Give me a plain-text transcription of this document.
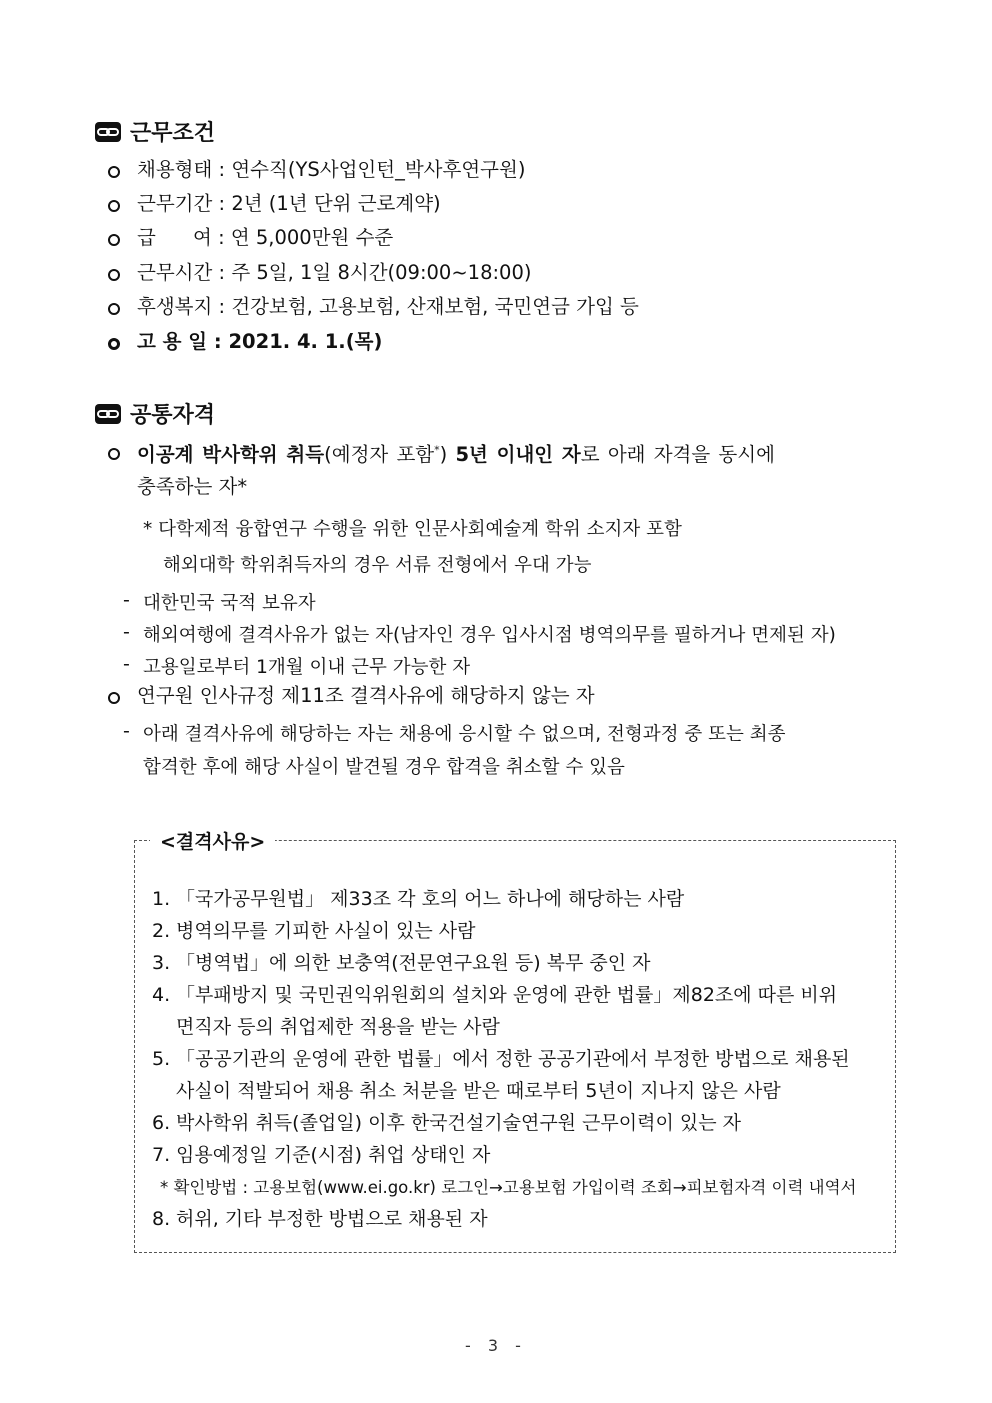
근무조건
채용형태 : 연수직(YS사업인턴_박사후연구원)
근무기간 : 2년 (1년 단위 근로계약)
급      여 : 연 5,000만원 수준
근무시간 : 주 5일, 1일 8시간(09:00~18:00)
후생복지 : 건강보험, 고용보험, 산재보험, 국민연금 가입 등
고 용 일 : 2021. 4. 1.(목)
공통자격
이공계 박사학위 취득(예정자 포함*) 5년 이내인 자로 아래 자격을 동시에
충족하는 자*
* 다학제적 융합연구 수행을 위한 인문사회예술계 학위 소지자 포함
해외대학 학위취득자의 경우 서류 전형에서 우대 가능
- 대한민국 국적 보유자
- 해외여행에 결격사유가 없는 자(남자인 경우 입사시점 병역의무를 필하거나 면제된 자)
- 고용일로부터 1개월 이내 근무 가능한 자
연구원 인사규정 제11조 결격사유에 해당하지 않는 자
- 아래 결격사유에 해당하는 자는 채용에 응시할 수 없으며, 전형과정 중 또는 최종
합격한 후에 해당 사실이 발견될 경우 합격을 취소할 수 있음
<결격사유>
1. 「국가공무원법」 제33조 각 호의 어느 하나에 해당하는 사람
2. 병역의무를 기피한 사실이 있는 사람
3. 「병역법」에 의한 보충역(전문연구요원 등) 복무 중인 자
4. 「부패방지 및 국민권익위원회의 설치와 운영에 관한 법률」제82조에 따른 비위
면직자 등의 취업제한 적용을 받는 사람
5. 「공공기관의 운영에 관한 법률」에서 정한 공공기관에서 부정한 방법으로 채용된
사실이 적발되어 채용 취소 처분을 받은 때로부터 5년이 지나지 않은 사람
6. 박사학위 취득(졸업일) 이후 한국건설기술연구원 근무이력이 있는 자
7. 임용예정일 기준(시점) 취업 상태인 자
* 확인방법 : 고용보험(www.ei.go.kr) 로그인→고용보험 가입이력 조회→피보험자격 이력 내역서
8. 허위, 기타 부정한 방법으로 채용된 자
- 3 -
